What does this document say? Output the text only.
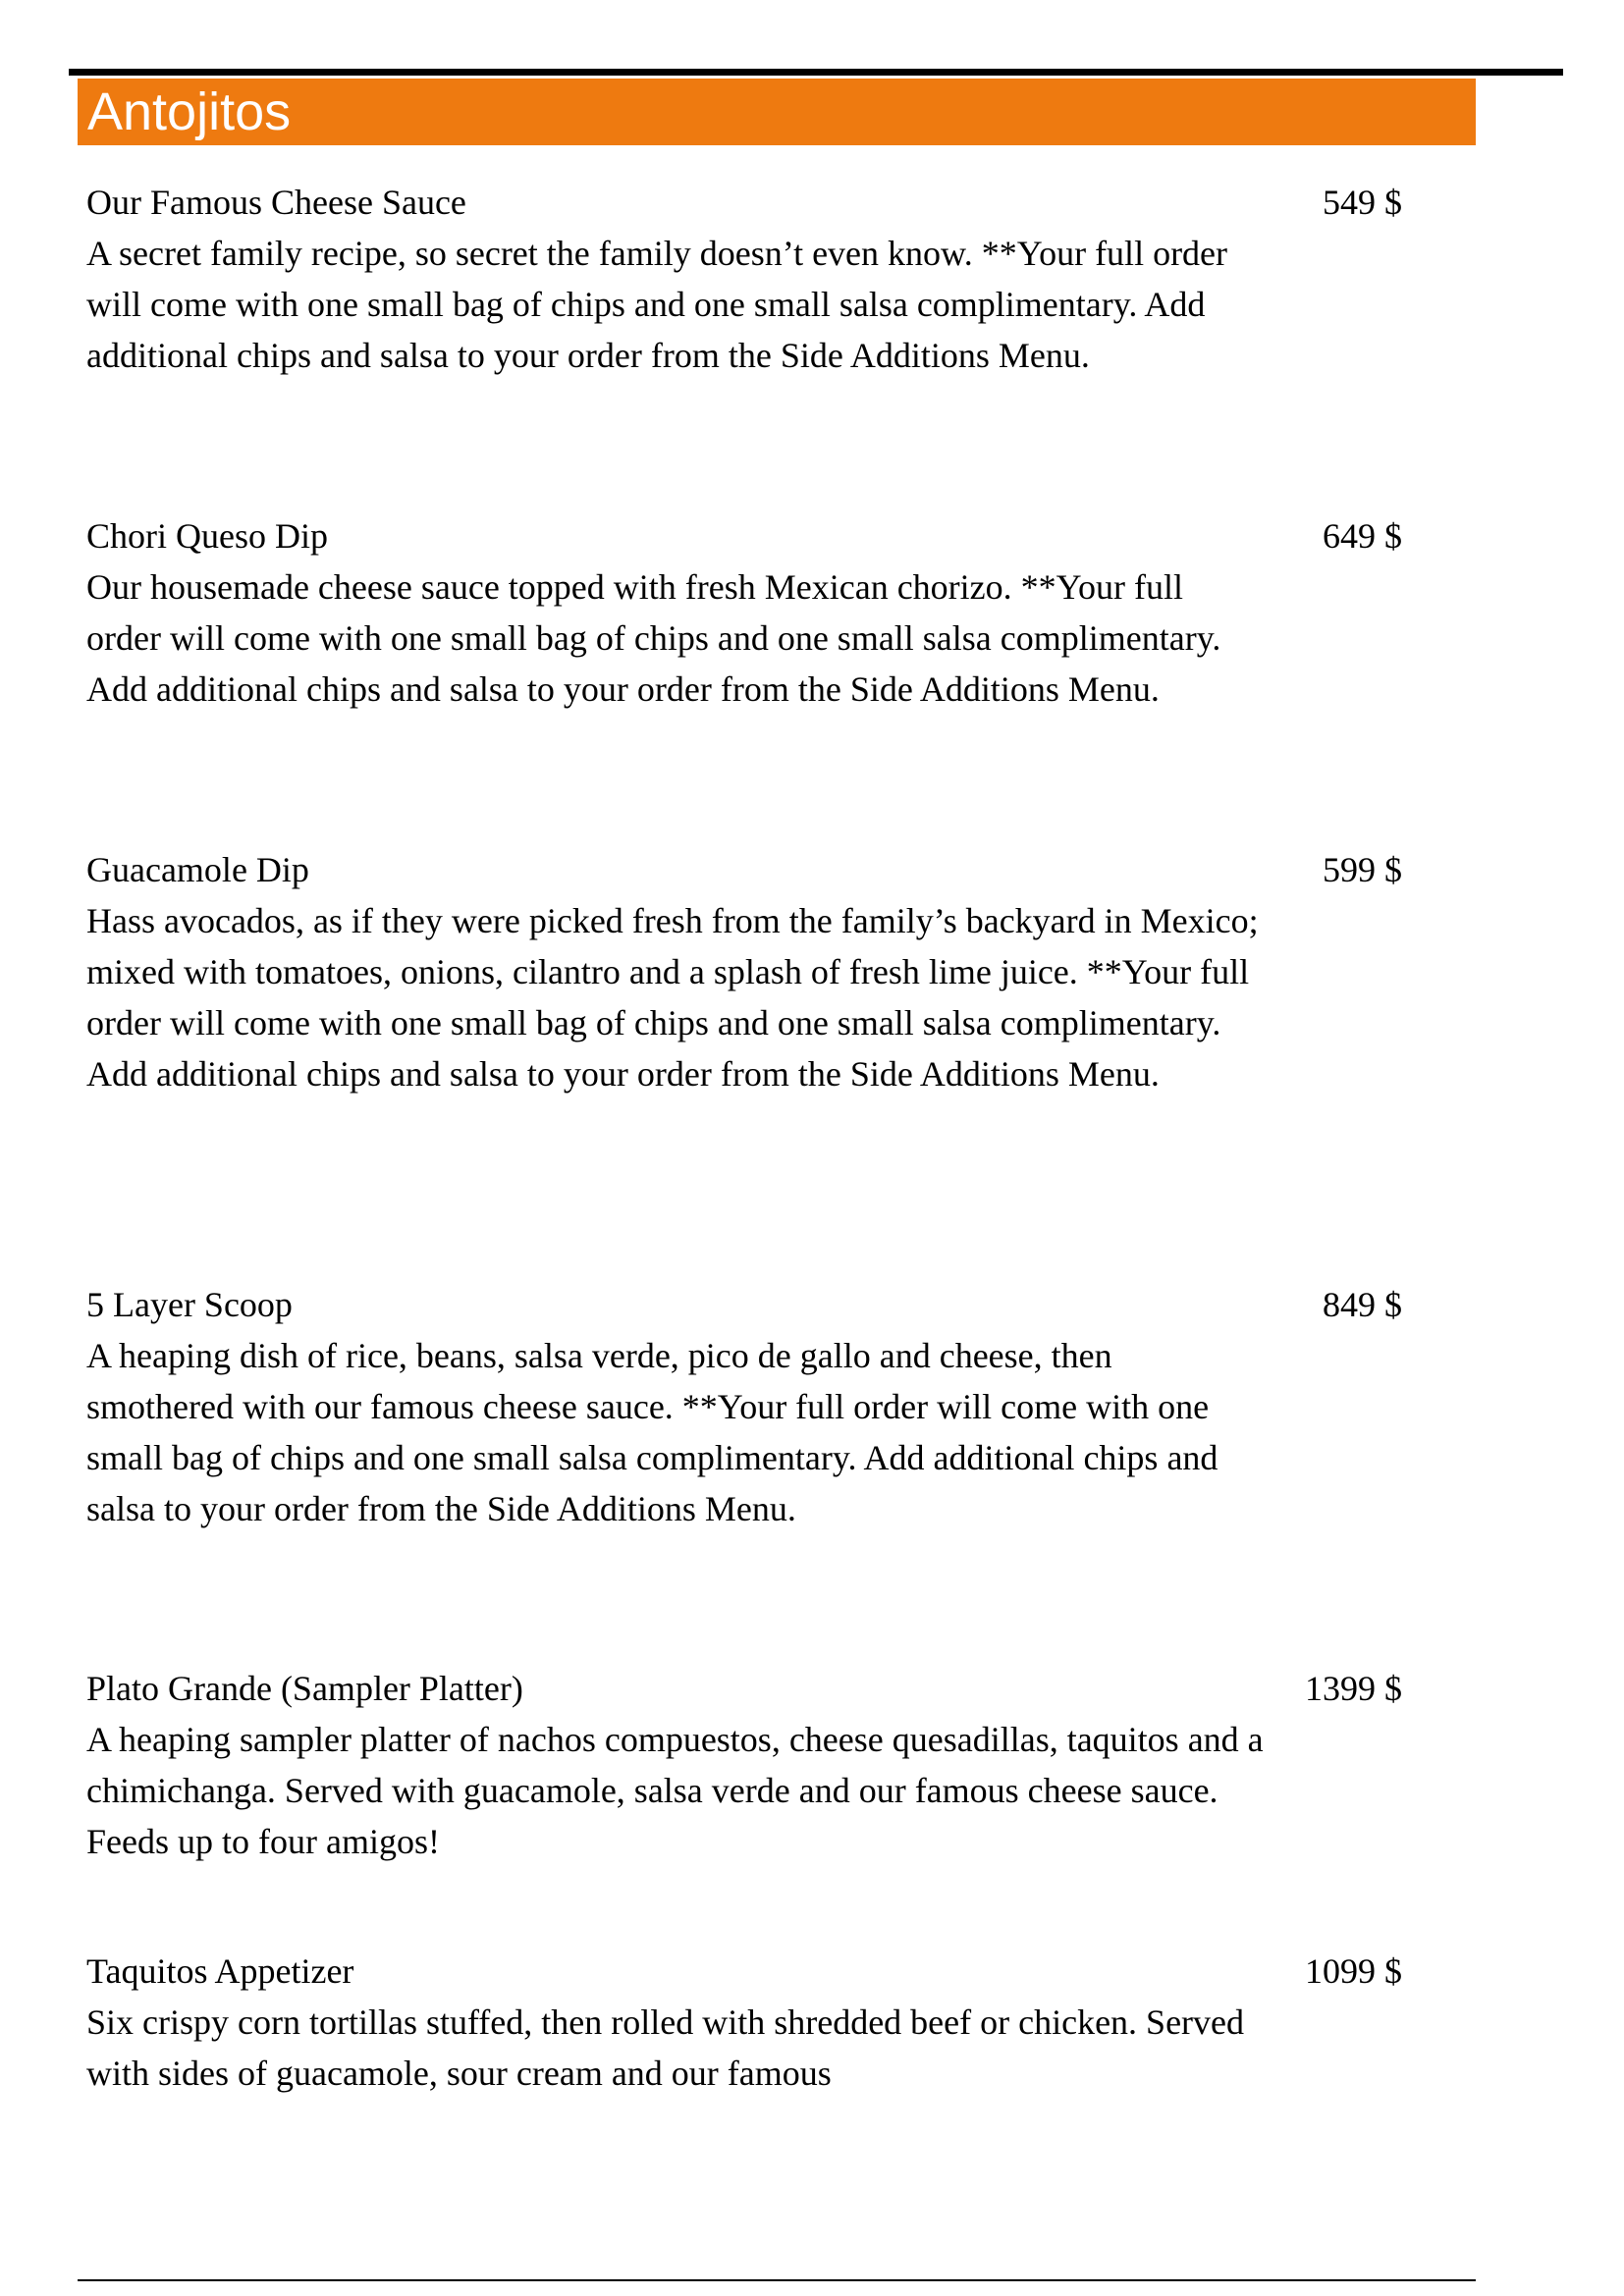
Antojitos
Our Famous Cheese Sauce	549 $
A secret family recipe, so secret the family doesn’t even know. **Your full order will come with one small bag of chips and one small salsa complimentary. Add additional chips and salsa to your order from the Side Additions Menu.
Chori Queso Dip	649 $
Our housemade cheese sauce topped with fresh Mexican chorizo. **Your full order will come with one small bag of chips and one small salsa complimentary. Add additional chips and salsa to your order from the Side Additions Menu.
Guacamole Dip	599 $
Hass avocados, as if they were picked fresh from the family’s backyard in Mexico; mixed with tomatoes, onions, cilantro and a splash of fresh lime juice. **Your full order will come with one small bag of chips and one small salsa complimentary. Add additional chips and salsa to your order from the Side Additions Menu.
5 Layer Scoop	849 $
A heaping dish of rice, beans, salsa verde, pico de gallo and cheese, then smothered with our famous cheese sauce. **Your full order will come with one small bag of chips and one small salsa complimentary. Add additional chips and salsa to your order from the Side Additions Menu.
Plato Grande (Sampler Platter)	1399 $
A heaping sampler platter of nachos compuestos, cheese quesadillas, taquitos and a chimichanga. Served with guacamole, salsa verde and our famous cheese sauce. Feeds up to four amigos!
Taquitos Appetizer	1099 $
Six crispy corn tortillas stuffed, then rolled with shredded beef or chicken. Served with sides of guacamole, sour cream and our famous
